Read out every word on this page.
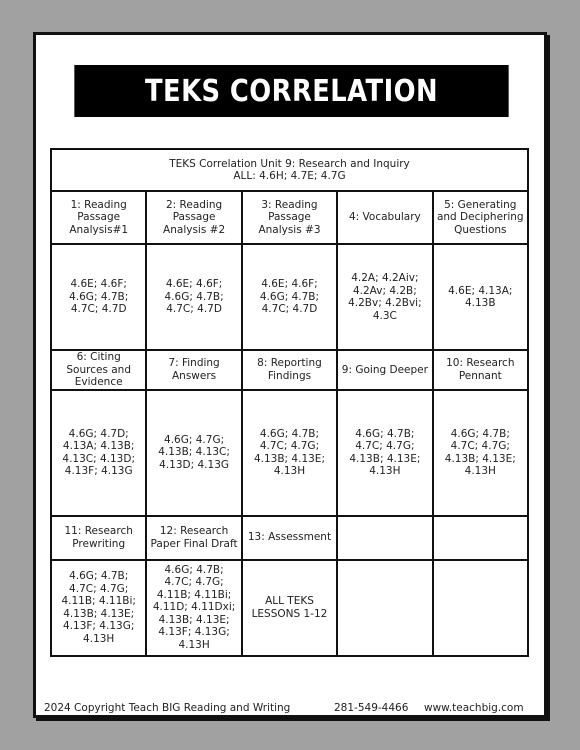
TEKS CORRELATION
TEKS Correlation Unit 9: Research and Inquiry
ALL: 4.6H; 4.7E; 4.7G				

1: Reading Passage Analysis#1	2: Reading Passage Analysis #2	3: Reading Passage Analysis #3	4: Vocabulary	5: Generating and Deciphering Questions
4.6E; 4.6F; 4.6G; 4.7B; 4.7C; 4.7D	4.6E; 4.6F; 4.6G; 4.7B; 4.7C; 4.7D	4.6E; 4.6F; 4.6G; 4.7B; 4.7C; 4.7D	4.2A; 4.2Aiv; 4.2Av; 4.2B; 4.2Bv; 4.2Bvi; 4.3C	4.6E; 4.13A; 4.13B
6: Citing Sources and Evidence	7: Finding Answers	8: Reporting Findings	9: Going Deeper	10: Research Pennant
4.6G; 4.7D; 4.13A; 4.13B; 4.13C; 4.13D; 4.13F; 4.13G	4.6G; 4.7G; 4.13B; 4.13C; 4.13D; 4.13G	4.6G; 4.7B; 4.7C; 4.7G; 4.13B; 4.13E; 4.13H	4.6G; 4.7B; 4.7C; 4.7G; 4.13B; 4.13E; 4.13H	4.6G; 4.7B; 4.7C; 4.7G; 4.13B; 4.13E; 4.13H
11: Research Prewriting	12: Research Paper Final Draft	13: Assessment		
4.6G; 4.7B; 4.7C; 4.7G; 4.11B; 4.11Bi; 4.13B; 4.13E; 4.13F; 4.13G; 4.13H	4.6G; 4.7B; 4.7C; 4.7G; 4.11B; 4.11Bi; 4.11D; 4.11Dxi; 4.13B; 4.13E; 4.13F; 4.13G; 4.13H	ALL TEKS LESSONS 1-12		
2024 Copyright Teach BIG Reading and Writing	281-549-4466 www.teachbig.com
